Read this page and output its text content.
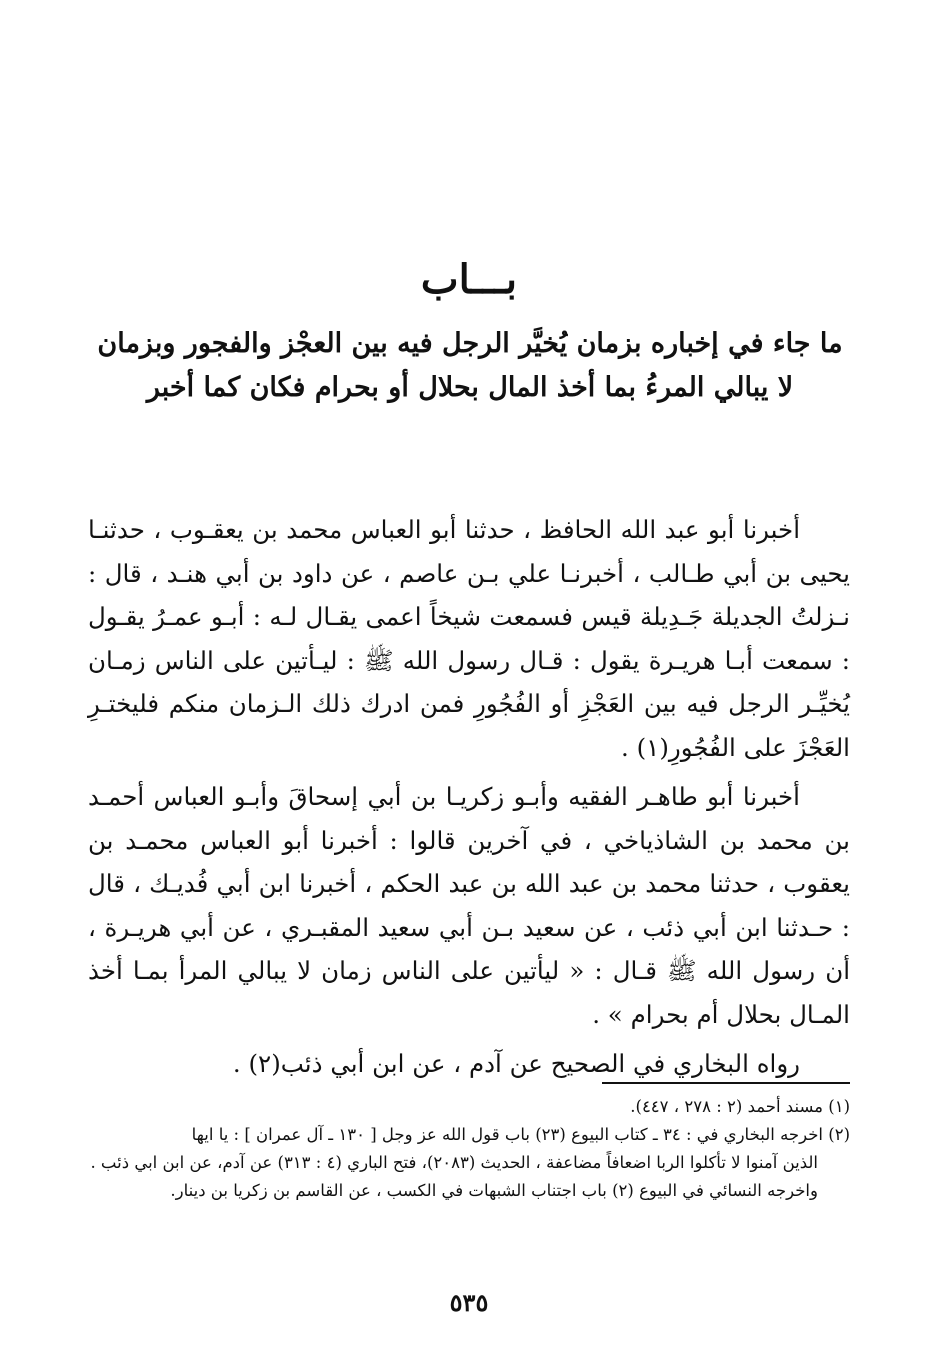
بـــاب
ما جاء في إخباره بزمان يُخيَّر الرجل فيه بين العجْز والفجور وبزمان لا يبالي المرءُ بما أخذ المال بحلال أو بحرام فكان كما أخبر

أخبرنا أبو عبد الله الحافظ ، حدثنا أبو العباس محمد بن يعقـوب ، حدثنـا يحيى بن أبي طـالب ، أخبرنـا علي بـن عاصم ، عن داود بن أبي هنـد ، قال : نـزلتُ الجديلة جَـدِيلة قيس فسمعت شيخاً اعمى يقـال لـه : أبـو عمـرُ يقـول : سمعت أبـا هريـرة يقول : قـال رسول الله ﷺ : ليـأتين على الناس زمـان يُخيِّـر الرجل فيه بين العَجْزِ أو الفُجُورِ فمن ادرك ذلك الـزمان منكم فليختـرِ العَجْزَ على الفُجُورِ(١) .

أخبرنا أبو طاهـر الفقيه وأبـو زكريـا بن أبي إسحاقَ وأبـو العباس أحمـد بن محمد بن الشاذياخي ، في آخرين قالوا : أخبرنا أبو العباس محمـد بن يعقوب ، حدثنا محمد بن عبد الله بن عبد الحكم ، أخبرنا ابن أبي فُديـك ، قال : حـدثنا ابن أبي ذئب ، عن سعيد بـن أبي سعيد المقبـري ، عن أبي هريـرة ، أن رسول الله ﷺ قـال : « ليأتين على الناس زمان لا يبالي المرأ بمـا أخذ المـال بحلال أم بحرام » .

رواه البخاري في الصحيح عن آدم ، عن ابن أبي ذئب(٢) .

(١) مسند أحمد (٢ : ٢٧٨ ، ٤٤٧).

(٢) اخرجه البخاري في : ٣٤ ـ كتاب البيوع (٢٣) باب قول الله عز وجل [ ١٣٠ ـ آل عمران ] : يا ايها

الذين آمنوا لا تأكلوا الربا اضعافاً مضاعفة ، الحديث (٢٠٨٣)، فتح الباري (٤ : ٣١٣) عن آدم، عن ابن ابي ذئب .

واخرجه النسائي في البيوع (٢) باب اجتناب الشبهات في الكسب ، عن القاسم بن زكريا بن دينار.

٥٣٥
